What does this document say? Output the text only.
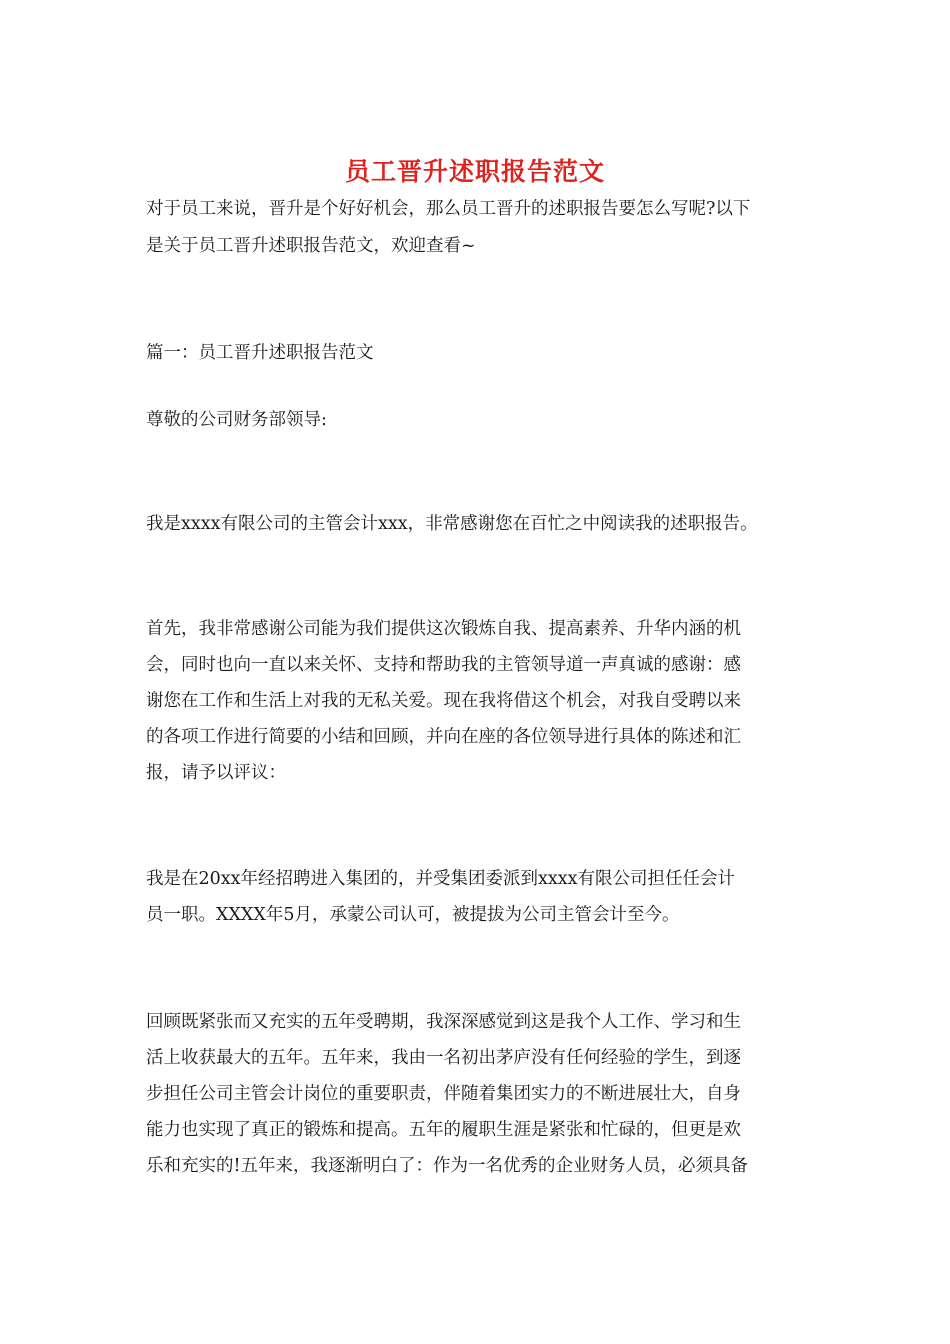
员工晋升述职报告范文
对于员工来说，晋升是个好好机会，那么员工晋升的述职报告要怎么写呢?以下
是关于员工晋升述职报告范文，欢迎查看~
篇一：员工晋升述职报告范文
尊敬的公司财务部领导:
我是xxxx有限公司的主管会计xxx，非常感谢您在百忙之中阅读我的述职报告。
首先，我非常感谢公司能为我们提供这次锻炼自我、提高素养、升华内涵的机
会，同时也向一直以来关怀、支持和帮助我的主管领导道一声真诚的感谢：感
谢您在工作和生活上对我的无私关爱。现在我将借这个机会，对我自受聘以来
的各项工作进行简要的小结和回顾，并向在座的各位领导进行具体的陈述和汇
报，请予以评议：
我是在20xx年经招聘进入集团的，并受集团委派到xxxx有限公司担任任会计
员一职。XXXX年5月，承蒙公司认可，被提拔为公司主管会计至今。
回顾既紧张而又充实的五年受聘期，我深深感觉到这是我个人工作、学习和生
活上收获最大的五年。五年来，我由一名初出茅庐没有任何经验的学生，到逐
步担任公司主管会计岗位的重要职责，伴随着集团实力的不断进展壮大，自身
能力也实现了真正的锻炼和提高。五年的履职生涯是紧张和忙碌的，但更是欢
乐和充实的!五年来，我逐渐明白了：作为一名优秀的企业财务人员，必须具备
